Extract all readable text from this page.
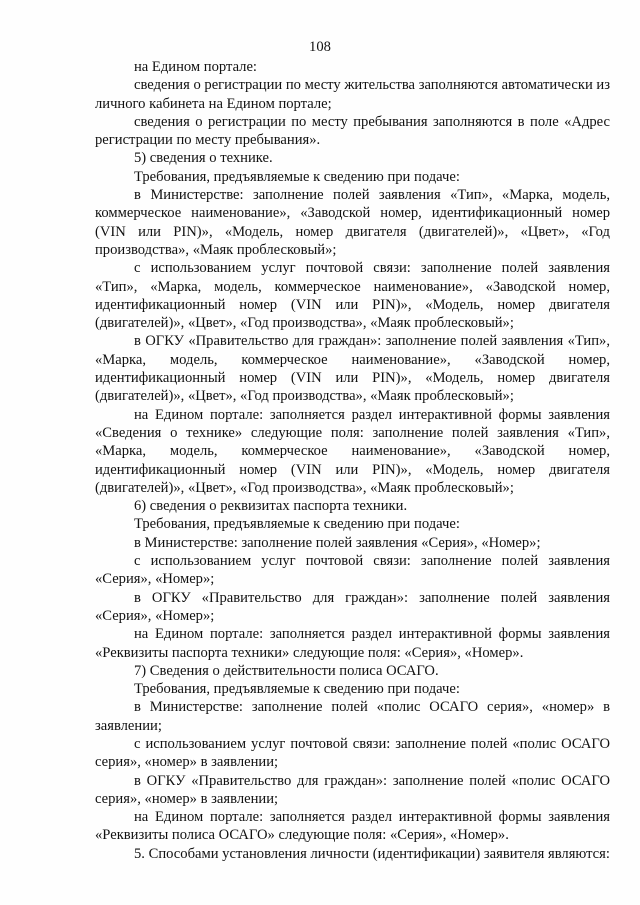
108

на Едином портале:

сведения о регистрации по месту жительства заполняются автоматически из личного кабинета на Едином портале;

сведения о регистрации по месту пребывания заполняются в поле «Адрес регистрации по месту пребывания».

5) сведения о технике.

Требования, предъявляемые к сведению при подаче:

в Министерстве: заполнение полей заявления «Тип», «Марка, модель, коммерческое наименование», «Заводской номер, идентификационный номер (VIN или PIN)», «Модель, номер двигателя (двигателей)», «Цвет», «Год производства», «Маяк проблесковый»;

с использованием услуг почтовой связи: заполнение полей заявления «Тип», «Марка, модель, коммерческое наименование», «Заводской номер, идентификационный номер (VIN или PIN)», «Модель, номер двигателя (двигателей)», «Цвет», «Год производства», «Маяк проблесковый»;

в ОГКУ «Правительство для граждан»: заполнение полей заявления «Тип», «Марка, модель, коммерческое наименование», «Заводской номер, идентификационный номер (VIN или PIN)», «Модель, номер двигателя (двигателей)», «Цвет», «Год производства», «Маяк проблесковый»;

на Едином портале: заполняется раздел интерактивной формы заявления «Сведения о технике» следующие поля: заполнение полей заявления «Тип», «Марка, модель, коммерческое наименование», «Заводской номер, идентификационный номер (VIN или PIN)», «Модель, номер двигателя (двигателей)», «Цвет», «Год производства», «Маяк проблесковый»;

6) сведения о реквизитах паспорта техники.

Требования, предъявляемые к сведению при подаче:

в Министерстве: заполнение полей заявления «Серия», «Номер»;

с использованием услуг почтовой связи: заполнение полей заявления «Серия», «Номер»;

в ОГКУ «Правительство для граждан»: заполнение полей заявления «Серия», «Номер»;

на Едином портале: заполняется раздел интерактивной формы заявления «Реквизиты паспорта техники» следующие поля: «Серия», «Номер».

7) Сведения о действительности полиса ОСАГО.

Требования, предъявляемые к сведению при подаче:

в Министерстве: заполнение полей «полис ОСАГО серия», «номер» в заявлении;

с использованием услуг почтовой связи: заполнение полей «полис ОСАГО серия», «номер» в заявлении;

в ОГКУ «Правительство для граждан»: заполнение полей «полис ОСАГО серия», «номер» в заявлении;

на Едином портале: заполняется раздел интерактивной формы заявления «Реквизиты полиса ОСАГО» следующие поля: «Серия», «Номер».

5. Способами установления личности (идентификации) заявителя являются:
